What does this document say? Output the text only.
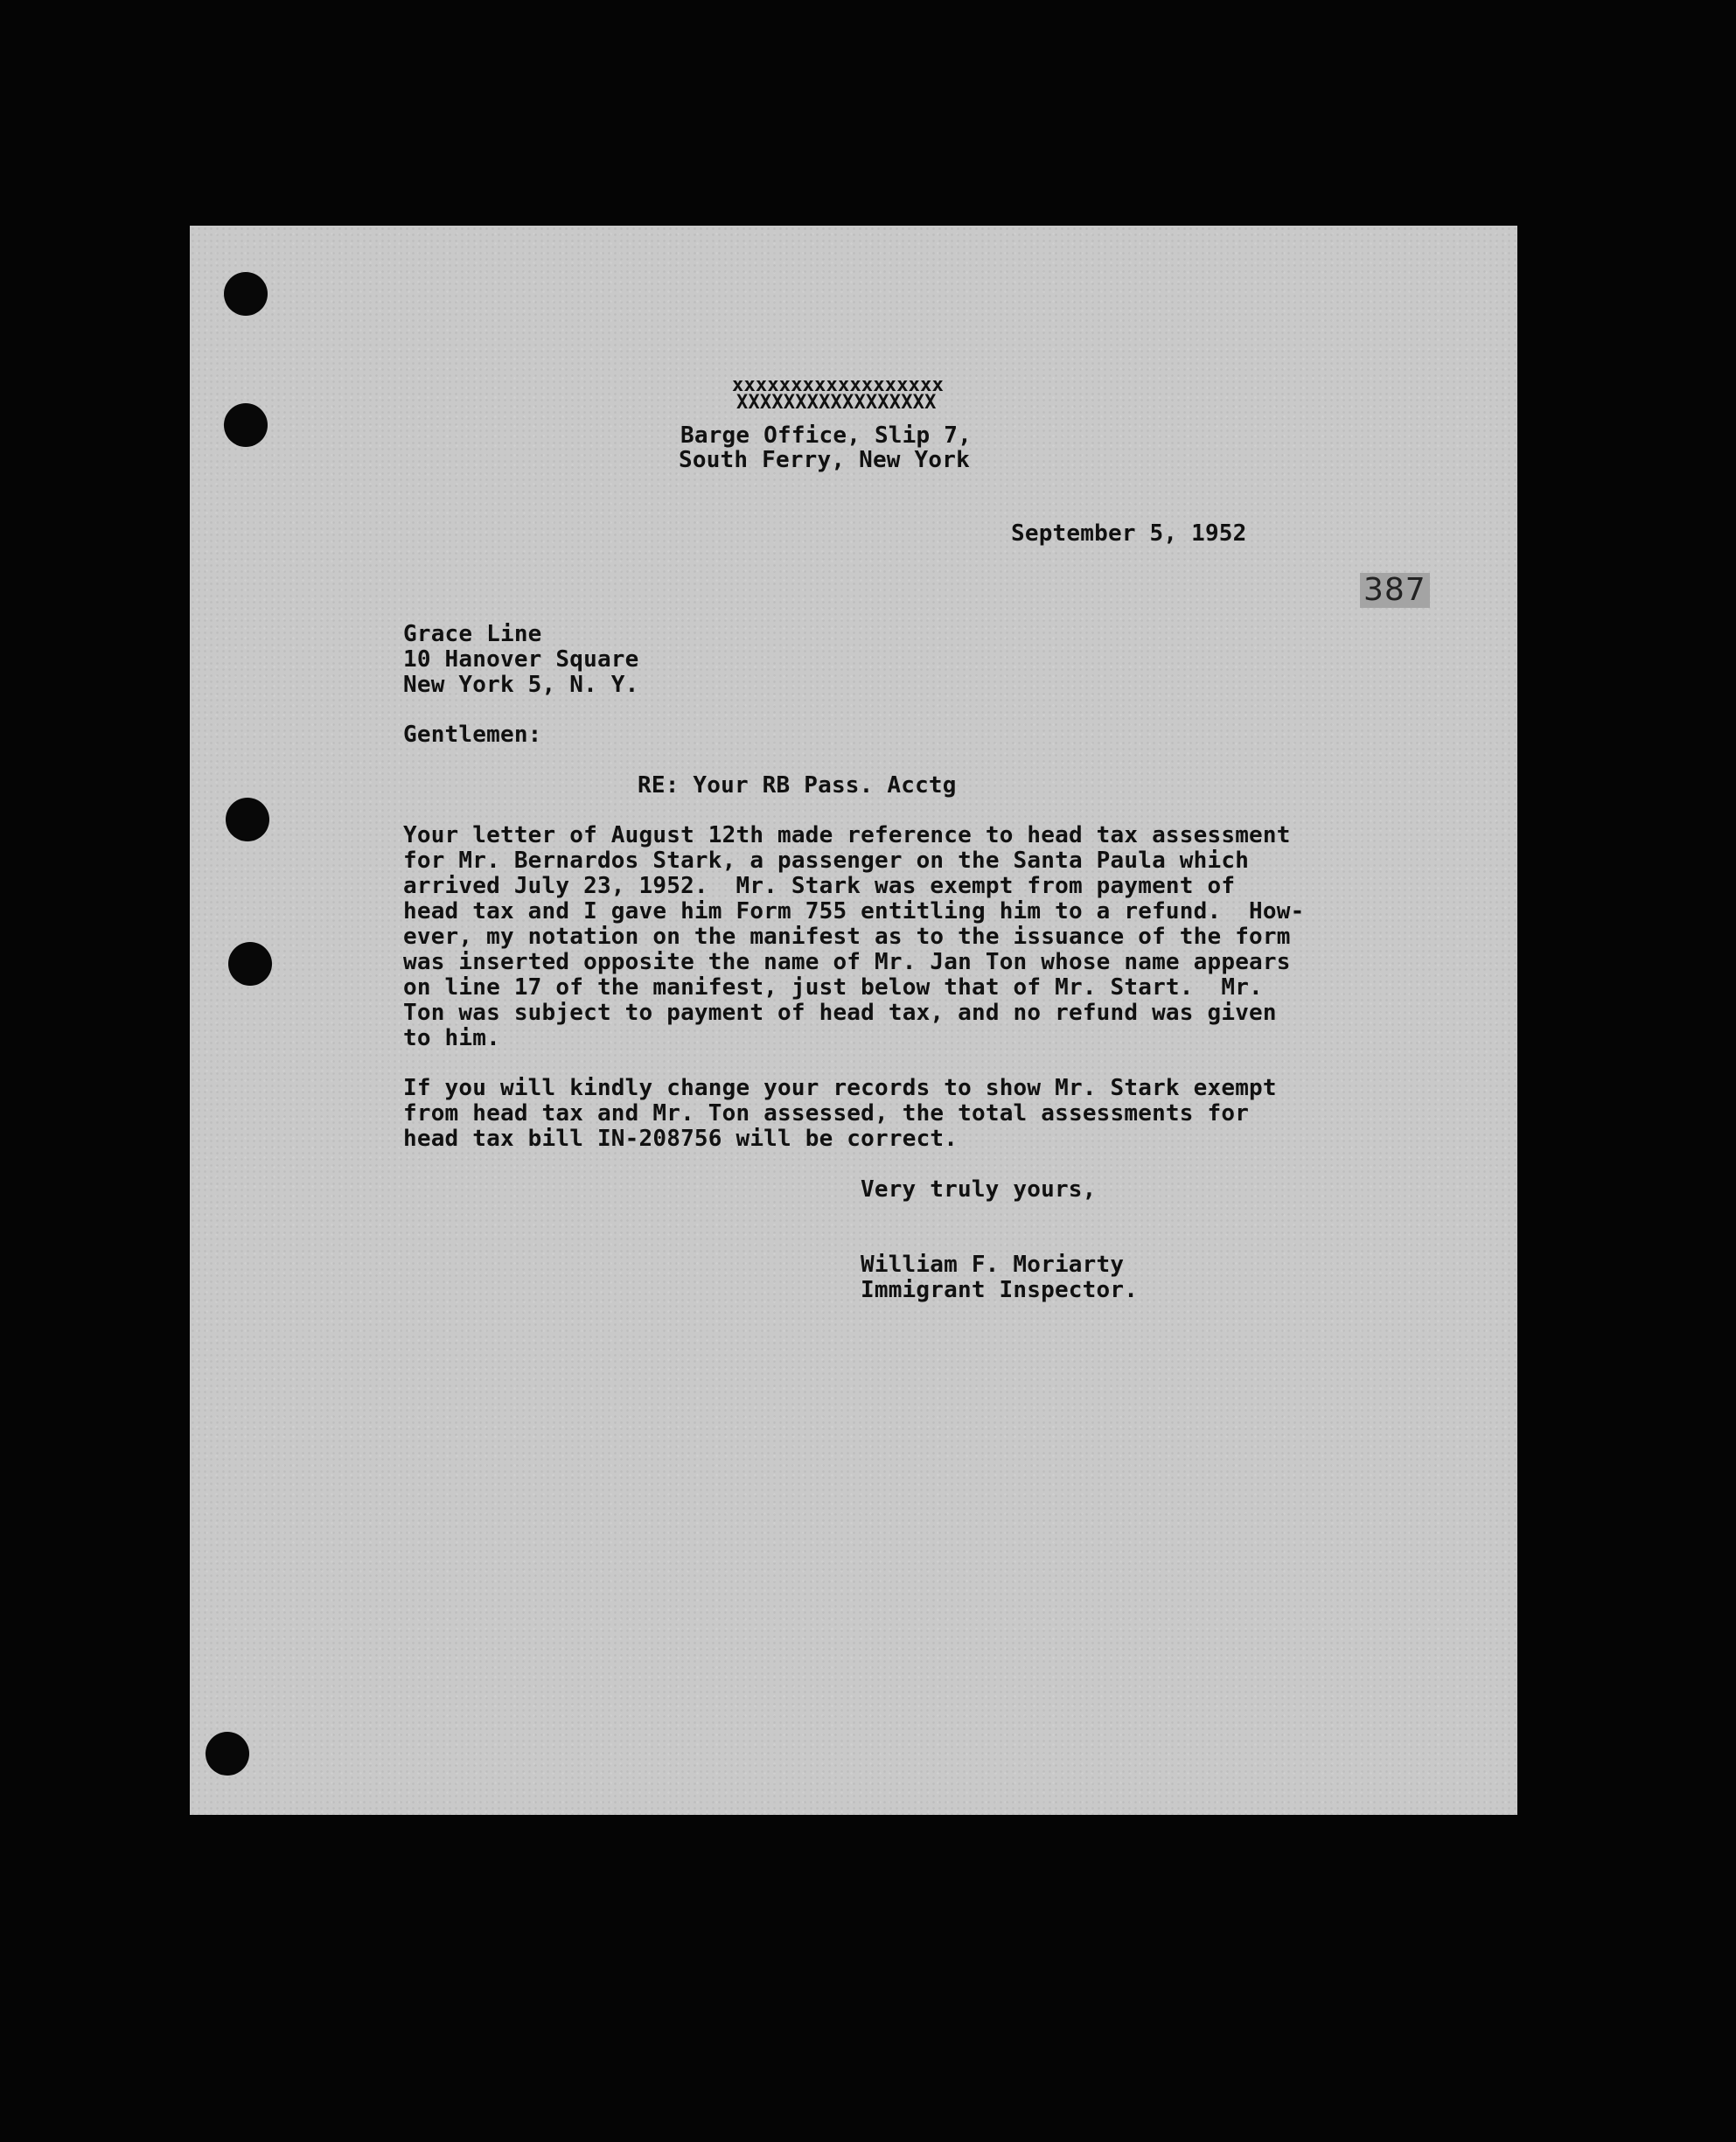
xxxxxxxxxxxxxxxxxx
XXXXXXXXXXXXXXXXX
Barge Office, Slip 7,
South Ferry, New York
September 5, 1952
387
Grace Line
10 Hanover Square
New York 5, N. Y.
Gentlemen:
RE: Your RB Pass. Acctg

Your letter of August 12th made reference to head tax assessment
for Mr. Bernardos Stark, a passenger on the Santa Paula which
arrived July 23, 1952.  Mr. Stark was exempt from payment of
head tax and I gave him Form 755 entitling him to a refund.  How-
ever, my notation on the manifest as to the issuance of the form
was inserted opposite the name of Mr. Jan Ton whose name appears
on line 17 of the manifest, just below that of Mr. Start.  Mr.
Ton was subject to payment of head tax, and no refund was given
to him.

If you will kindly change your records to show Mr. Stark exempt
from head tax and Mr. Ton assessed, the total assessments for
head tax bill IN-208756 will be correct.

Very truly yours,
William F. Moriarty
Immigrant Inspector.
